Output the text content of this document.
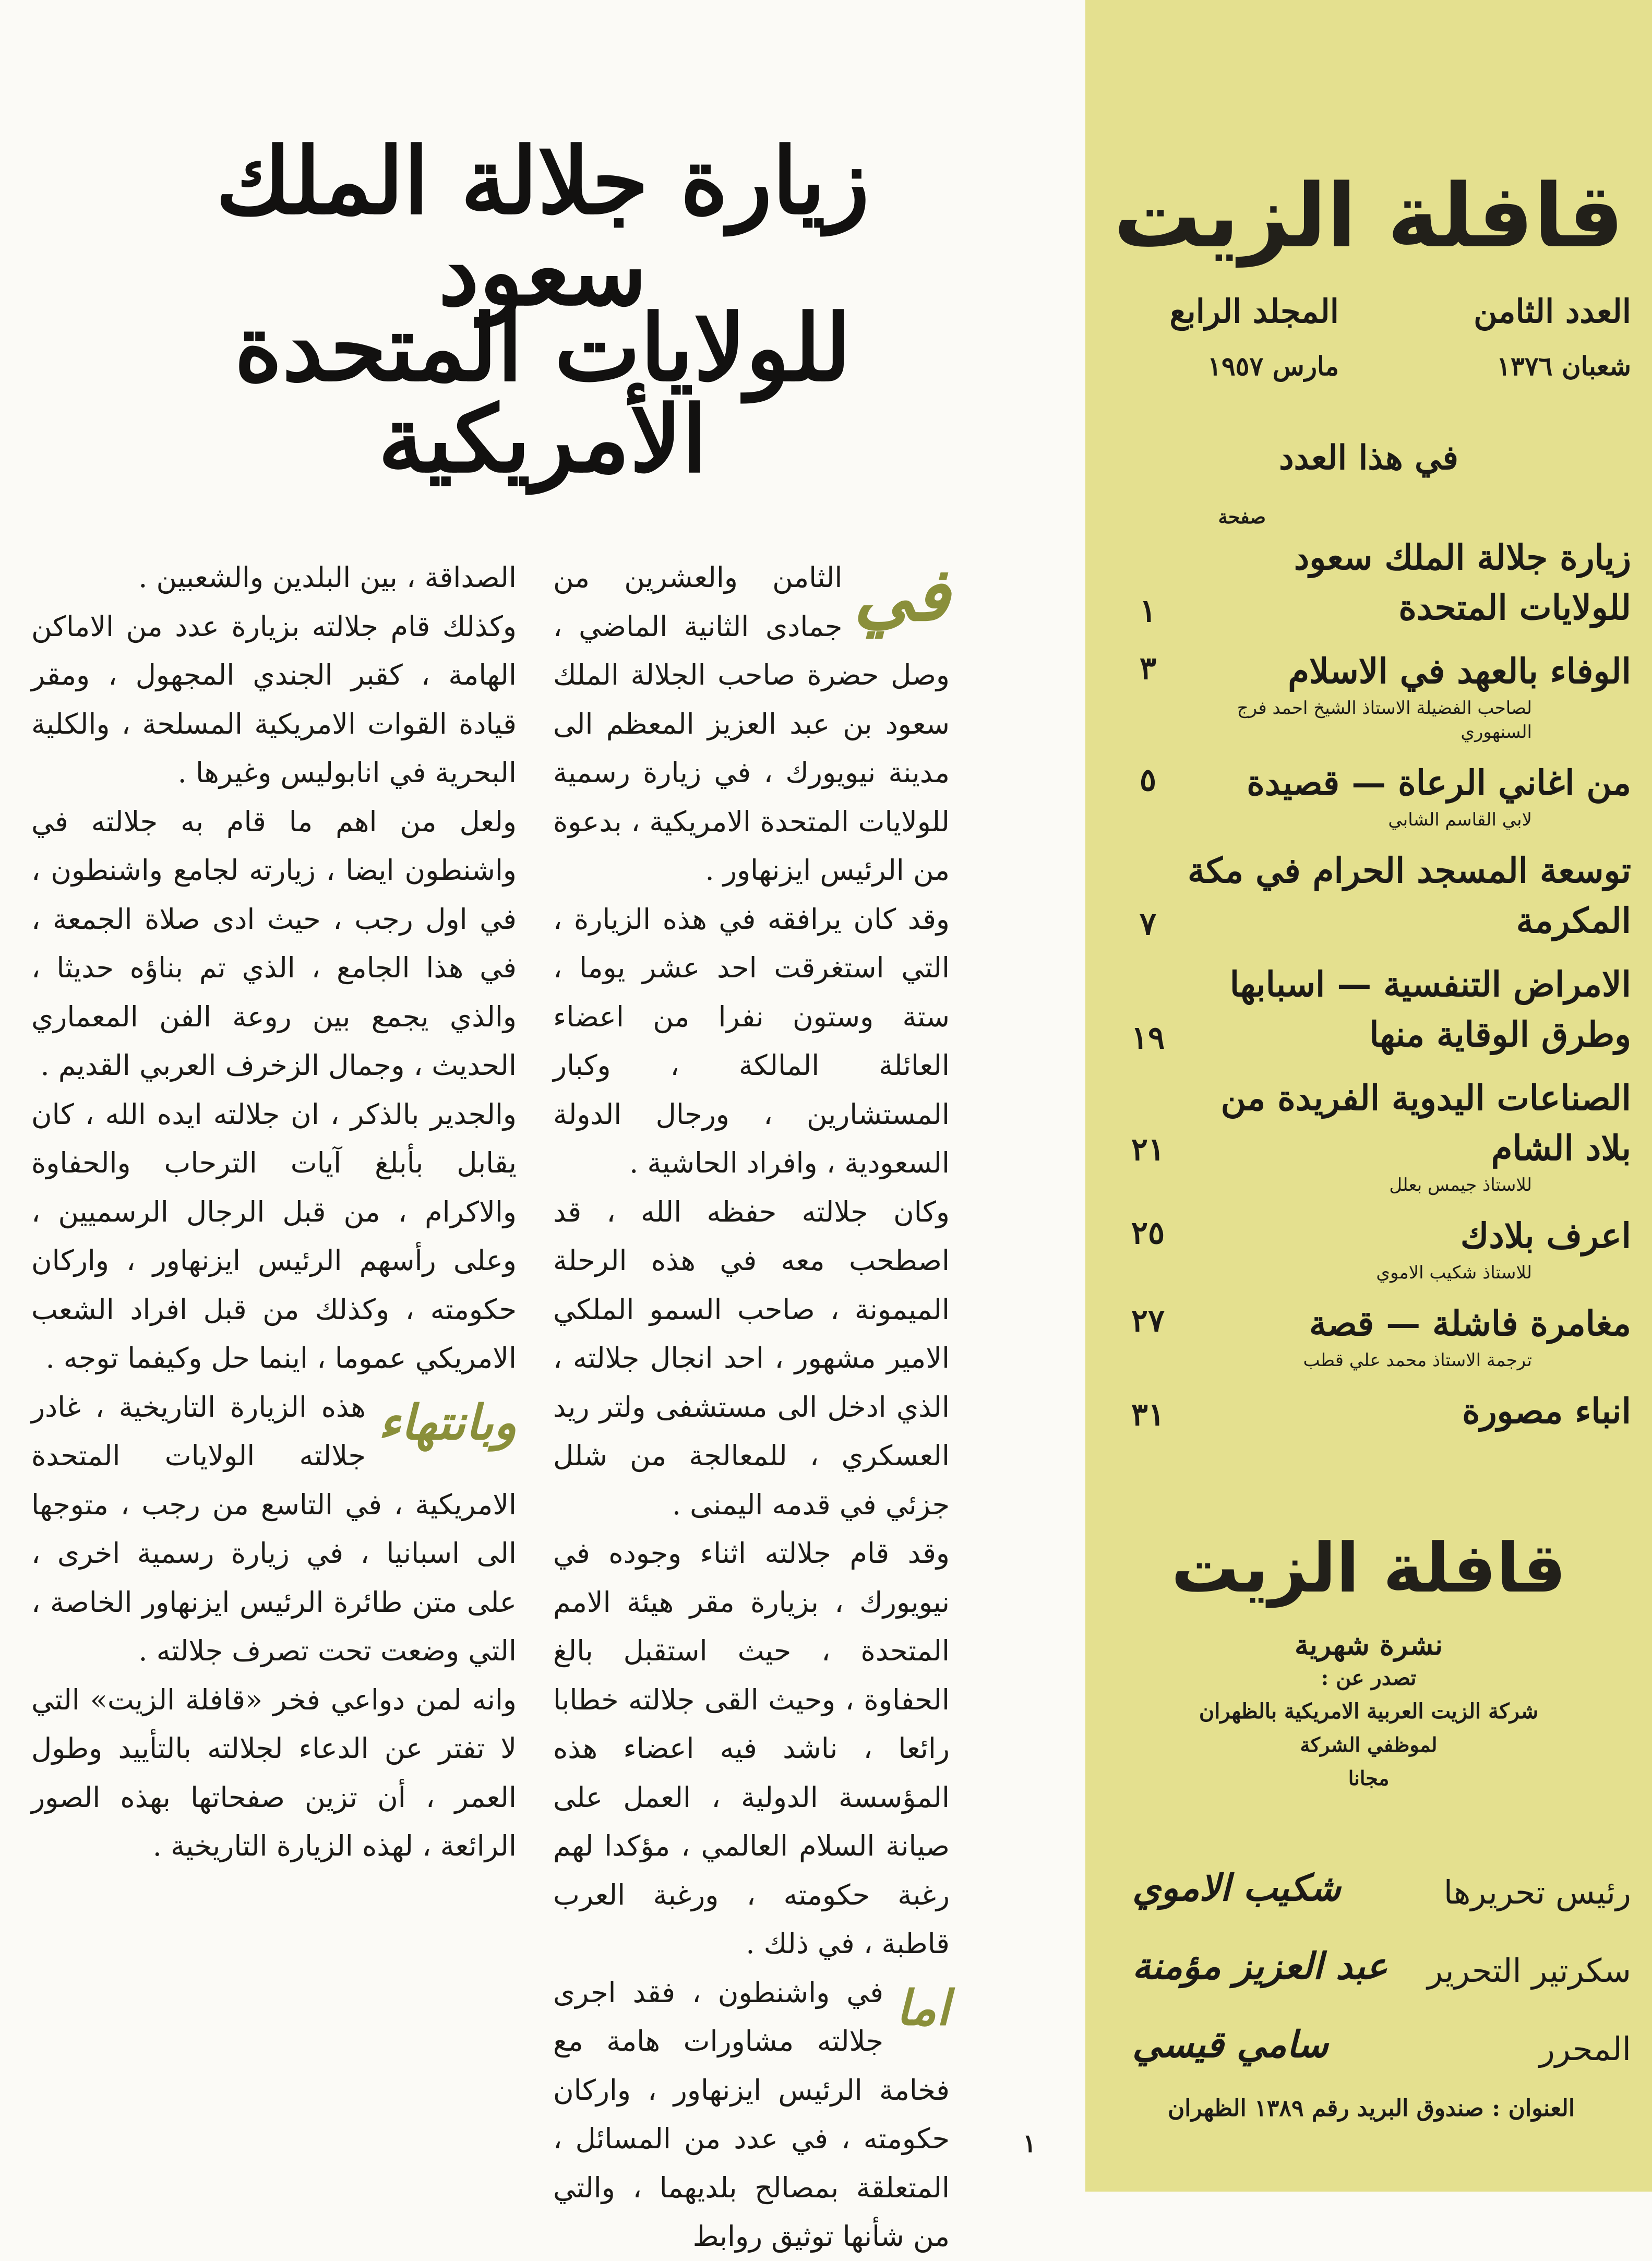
زيارة جلالة الملك سعود
للولايات المتحدة الأمريكية
في

الثامن والعشرين من جمادى الثانية الماضي ، وصل حضرة صاحب الجلالة الملك سعود بن عبد العزيز المعظم الى مدينة نيويورك ، في زيارة رسمية للولايات المتحدة الامريكية ، بدعوة من الرئيس ايزنهاور .

وقد كان يرافقه في هذه الزيارة ، التي استغرقت احد عشر يوما ، ستة وستون نفرا من اعضاء العائلة المالكة ، وكبار المستشارين ، ورجال الدولة السعودية ، وافراد الحاشية .

وكان جلالته حفظه الله ، قد اصطحب معه في هذه الرحلة الميمونة ، صاحب السمو الملكي الامير مشهور ، احد انجال جلالته ، الذي ادخل الى مستشفى ولتر ريد العسكري ، للمعالجة من شلل جزئي في قدمه اليمنى .

وقد قام جلالته اثناء وجوده في نيويورك ، بزيارة مقر هيئة الامم المتحدة ، حيث استقبل بالغ الحفاوة ، وحيث القى جلالته خطابا رائعا ، ناشد فيه اعضاء هذه المؤسسة الدولية ، العمل على صيانة السلام العالمي ، مؤكدا لهم رغبة حكومته ، ورغبة العرب قاطبة ، في ذلك .

اما

في واشنطون ، فقد اجرى جلالته مشاورات هامة مع فخامة الرئيس ايزنهاور ، واركان حكومته ، في عدد من المسائل ، المتعلقة بمصالح بلديهما ، والتي من شأنها توثيق روابط

الصداقة ، بين البلدين والشعبين .

وكذلك قام جلالته بزيارة عدد من الاماكن الهامة ، كقبر الجندي المجهول ، ومقر قيادة القوات الامريكية المسلحة ، والكلية البحرية في انابوليس وغيرها .

ولعل من اهم ما قام به جلالته في واشنطون ايضا ، زيارته لجامع واشنطون ، في اول رجب ، حيث ادى صلاة الجمعة ، في هذا الجامع ، الذي تم بناؤه حديثا ، والذي يجمع بين روعة الفن المعماري الحديث ، وجمال الزخرف العربي القديم .

والجدير بالذكر ، ان جلالته ايده الله ، كان يقابل بأبلغ آيات الترحاب والحفاوة والاكرام ، من قبل الرجال الرسميين ، وعلى رأسهم الرئيس ايزنهاور ، واركان حكومته ، وكذلك من قبل افراد الشعب الامريكي عموما ، اينما حل وكيفما توجه .

وبانتهاء

هذه الزيارة التاريخية ، غادر جلالته الولايات المتحدة الامريكية ، في التاسع من رجب ، متوجها الى اسبانيا ، في زيارة رسمية اخرى ، على متن طائرة الرئيس ايزنهاور الخاصة ، التي وضعت تحت تصرف جلالته .

وانه لمن دواعي فخر «قافلة الزيت» التي لا تفتر عن الدعاء لجلالته بالتأييد وطول العمر ، أن تزين صفحاتها بهذه الصور الرائعة ، لهذه الزيارة التاريخية .

١
قافلة الزيت
العدد الثامن
المجلد الرابع
شعبان ١٣٧٦
مارس ١٩٥٧
في هذا العدد
صفحة
زيارة جلالة الملك سعود للولايات المتحدة
١
الوفاء بالعهد في الاسلام
٣
لصاحب الفضيلة الاستاذ الشيخ احمد فرج السنهوري
من اغاني الرعاة — قصيدة
٥
لابي القاسم الشابي
توسعة المسجد الحرام في مكة المكرمة
٧
الامراض التنفسية — اسبابها وطرق الوقاية منها
١٩
الصناعات اليدوية الفريدة من بلاد الشام
٢١
للاستاذ جيمس بعلل
اعرف بلادك
٢٥
للاستاذ شكيب الاموي
مغامرة فاشلة — قصة
٢٧
ترجمة الاستاذ محمد علي قطب
انباء مصورة
٣١
قافلة الزيت
نشرة شهرية
تصدر عن :
شركة الزيت العربية الامريكية بالظهران
لموظفي الشركة
مجانا
رئيس تحريرها
شكيب الاموي
سكرتير التحرير
عبد العزيز مؤمنة
المحرر
سامي قيسي
العنوان : صندوق البريد رقم ١٣٨٩ الظهران
